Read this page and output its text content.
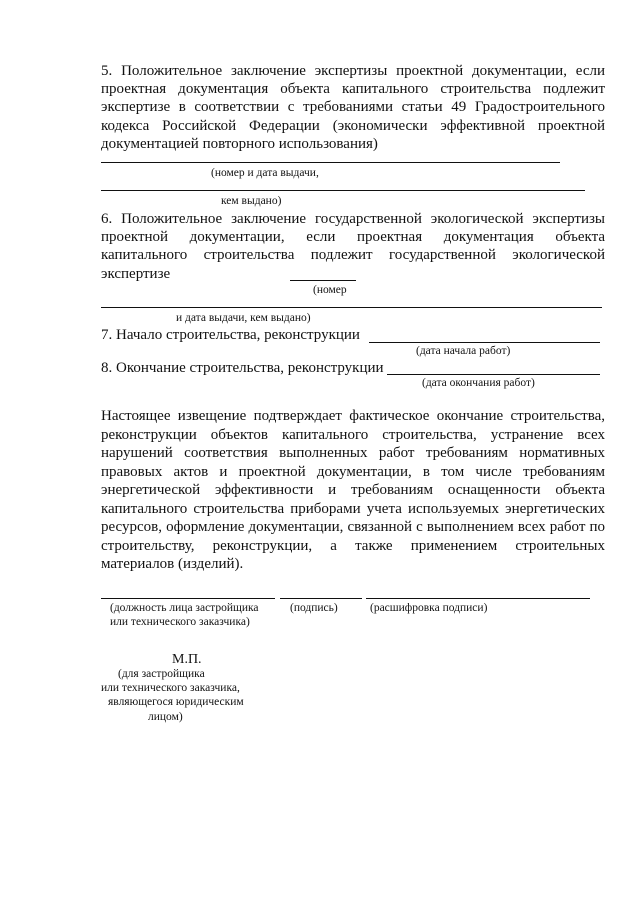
5. Положительное заключение экспертизы проектной документации, если проектная документация объекта капитального строительства подлежит экспертизе в соответствии с требованиями статьи 49 Градостроительного кодекса Российской Федерации (экономически эффективной проектной документацией повторного использования)
(номер и дата выдачи,
кем выдано)
6. Положительное заключение государственной экологической экспертизы проектной документации, если проектная документация объекта капитального строительства подлежит государственной экологической экспертизе
(номер
и дата выдачи, кем выдано)
7. Начало строительства, реконструкции
(дата начала работ)
8. Окончание строительства, реконструкции
(дата окончания работ)
Настоящее извещение подтверждает фактическое окончание строительства, реконструкции объектов капитального строительства, устранение всех нарушений соответствия выполненных работ требованиям нормативных правовых актов и проектной документации, в том числе требованиям энергетической эффективности и требованиям оснащенности объекта капитального строительства приборами учета используемых энергетических ресурсов, оформление документации, связанной с выполнением всех работ по строительству, реконструкции, а также применением строительных материалов (изделий).
(должность лица застройщика
или технического заказчика)
(подпись)	(расшифровка подписи)
М.П.
(для застройщика
или технического заказчика,
являющегося юридическим
лицом)
